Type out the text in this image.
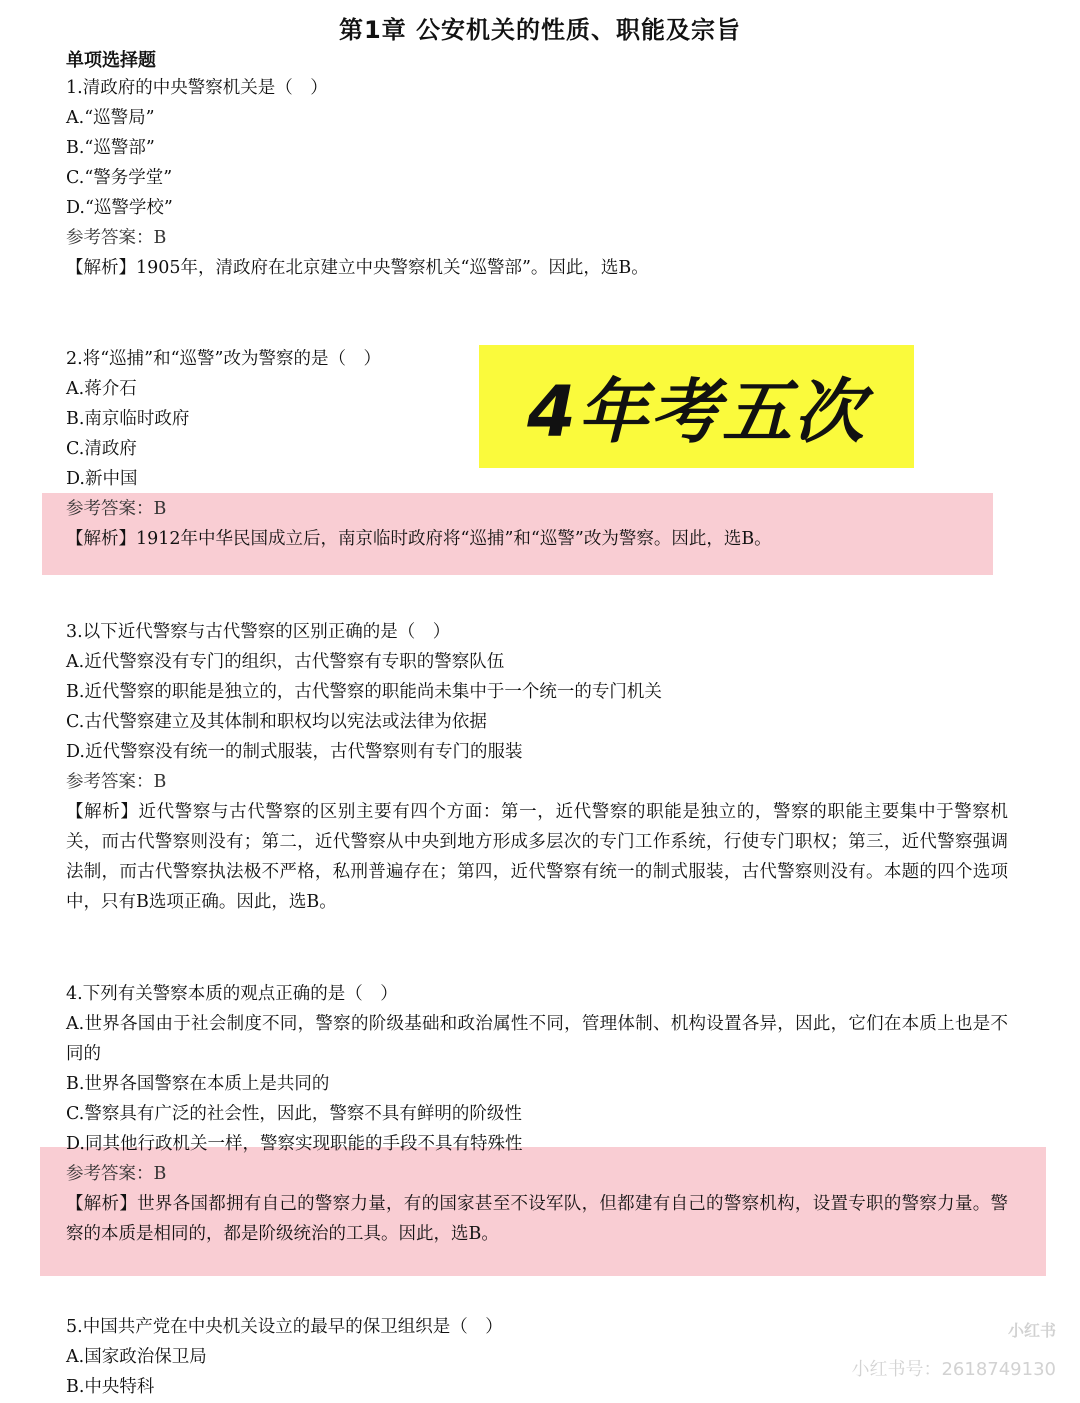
第1章 公安机关的性质、职能及宗旨
单项选择题
1.清政府的中央警察机关是（　）
A.“巡警局”
B.“巡警部”
C.“警务学堂”
D.“巡警学校”
参考答案：B
【解析】1905年，清政府在北京建立中央警察机关“巡警部”。因此，选B。
2.将“巡捕”和“巡警”改为警察的是（　）
A.蒋介石
B.南京临时政府
C.清政府
D.新中国
参考答案：B
【解析】1912年中华民国成立后，南京临时政府将“巡捕”和“巡警”改为警察。因此，选B。
4年考五次
3.以下近代警察与古代警察的区别正确的是（　）
A.近代警察没有专门的组织，古代警察有专职的警察队伍
B.近代警察的职能是独立的，古代警察的职能尚未集中于一个统一的专门机关
C.古代警察建立及其体制和职权均以宪法或法律为依据
D.近代警察没有统一的制式服装，古代警察则有专门的服装
参考答案：B
【解析】近代警察与古代警察的区别主要有四个方面：第一，近代警察的职能是独立的，警察的职能主要集中于警察机关，而古代警察则没有；第二，近代警察从中央到地方形成多层次的专门工作系统，行使专门职权；第三，近代警察强调法制，而古代警察执法极不严格，私刑普遍存在；第四，近代警察有统一的制式服装，古代警察则没有。本题的四个选项中，只有B选项正确。因此，选B。
4.下列有关警察本质的观点正确的是（　）
A.世界各国由于社会制度不同，警察的阶级基础和政治属性不同，管理体制、机构设置各异，因此，它们在本质上也是不同的
B.世界各国警察在本质上是共同的
C.警察具有广泛的社会性，因此，警察不具有鲜明的阶级性
D.同其他行政机关一样，警察实现职能的手段不具有特殊性
参考答案：B
【解析】世界各国都拥有自己的警察力量，有的国家甚至不设军队，但都建有自己的警察机构，设置专职的警察力量。警察的本质是相同的，都是阶级统治的工具。因此，选B。
5.中国共产党在中央机关设立的最早的保卫组织是（　）
A.国家政治保卫局
B.中央特科
小红书
小红书号：2618749130
